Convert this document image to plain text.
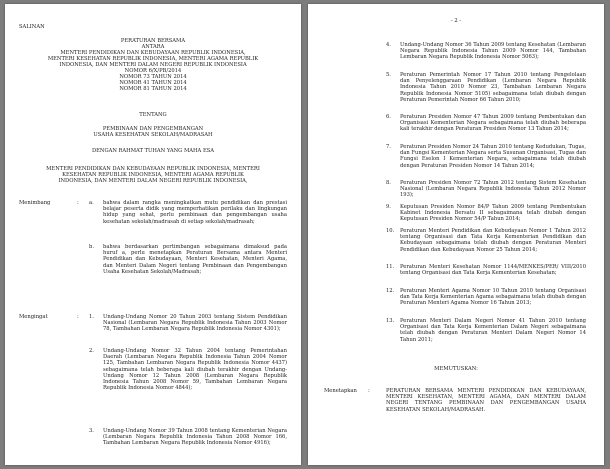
SALINAN
PERATURAN BERSAMA
ANTARA
MENTERI PENDIDIKAN DAN KEBUDAYAAN REPUBLIK INDONESIA,
MENTERI KESEHATAN REPUBLIK INDONESIA, MENTERI AGAMA REPUBLIK
INDONESIA, DAN MENTERI DALAM NEGERI REPUBLIK INDONESIA
NOMOR 6/X/PB/2014
NOMOR 73 TAHUN 2014
NOMOR 41 TAHUN 2014
NOMOR 81 TAHUN 2014
TENTANG
PEMBINAAN DAN PENGEMBANGAN
USAHA KESEHATAN SEKOLAH/MADRASAH
DENGAN RAHMAT TUHAN YANG MAHA ESA
MENTERI PENDIDIKAN DAN KEBUDAYAAN REPUBLIK INDONESIA, MENTERI
KESEHATAN REPUBLIK INDONESIA, MENTERI AGAMA REPUBLIK
INDONESIA, DAN MENTERI DALAM NEGERI REPUBLIK INDONESIA,
Menimbang	: a. bahwa dalam rangka meningkatkan mutu pendidikan dan prestasi belajar peserta didik yang memperhatikan perilaku dan lingkungan hidup yang sehat, perlu pembinaan dan pengembangan usaha kesehatan sekolah/madrasah di setiap sekolah/madrasah;
b. bahwa berdasarkan pertimbangan sebagaimana dimaksud pada huruf a, perlu menetapkan Peraturan Bersama antara Menteri Pendidikan dan Kebudayaan, Menteri Kesehatan, Menteri Agama, dan Menteri Dalam Negeri tentang Pembinaan dan Pengembangan Usaha Kesehatan Sekolah/Madrasah;
Mengingat	: 1. Undang-Undang Nomor 20 Tahun 2003 tentang Sistem Pendidikan Nasional (Lembaran Negara Republik Indonesia Tahun 2003 Nomor 78, Tambahan Lembaran Negara Republik Indonesia Nomor 4301);
2. Undang-Undang Nomor 32 Tahun 2004 tentang Pemerintahan Daerah (Lembaran Negara Republik Indonesia Tahun 2004 Nomor 125, Tambahan Lembaran Negara Republik Indonesia Nomor 4437) sebagaimana telah beberapa kali diubah terakhir dengan Undang-Undang Nomor 12 Tahun 2008 (Lembaran Negara Republik Indonesia Tahun 2008 Nomor 59, Tambahan Lembaran Negara Republik Indonesia Nomor 4844);
3. Undang-Undang Nomor 39 Tahun 2008 tentang Kementerian Negara (Lembaran Negara Republik Indonesia Tahun 2008 Nomor 166, Tambahan Lembaran Negara Republik Indonesia Nomor 4916);
- 2 -
4. Undang-Undang Nomor 36 Tahun 2009 tentang Kesehatan (Lembaran Negara Republik Indonesia Tahun 2009 Nomor 144, Tambahan Lembaran Negara Republik Indonesia Nomor 5063);
5. Peraturan Pemerintah Nomor 17 Tahun 2010 tentang Pengelolaan dan Penyelenggaraan Pendidikan (Lembaran Negara Republik Indonesia Tahun 2010 Nomor 23, Tambahan Lembaran Negara Republik Indonesia Nomor 5105) sebagaimana telah diubah dengan Peraturan Pemerintah Nomor 66 Tahun 2010;
6. Peraturan Presiden Nomor 47 Tahun 2009 tentang Pembentukan dan Organisasi Kementerian Negara sebagaimana telah diubah beberapa kali terakhir dengan Peraturan Presiden Nomor 13 Tahun 2014;
7. Peraturan Presiden Nomor 24 Tahun 2010 tentang Kedudukan, Tugas, dan Fungsi Kementerian Negara serta Susunan Organisasi, Tugas dan Fungsi Eselon I Kementerian Negara, sebagaimana telah diubah dengan Peraturan Presiden Nomor 14 Tahun 2014;
8. Peraturan Presiden Nomor 72 Tahun 2012 tentang Sistem Kesehatan Nasional (Lembaran Negara Republik Indonesia Tahun 2012 Nomor 193);
9. Keputusan Presiden Nomor 84/P Tahun 2009 tentang Pembentukan Kabinet Indonesia Bersatu II sebagaimana telah diubah dengan Keputusan Presiden Nomor 54/P Tahun 2014;
10. Peraturan Menteri Pendidikan dan Kebudayaan Nomor 1 Tahun 2012 tentang Organisasi dan Tata Kerja Kementerian Pendidikan dan Kebudayaan sebagaimana telah diubah dengan Peraturan Menteri Pendidikan dan Kebudayaan Nomor 25 Tahun 2014;
11. Peraturan Menteri Kesehatan Nomor 1144/MENKES/PER/ VIII/2010 tentang Organisasi dan Tata Kerja Kementerian Kesehatan;
12. Peraturan Menteri Agama Nomor 10 Tahun 2010 tentang Organisasi dan Tata Kerja Kementerian Agama sebagaimana telah diubah dengan Peraturan Menteri Agama Nomor 16 Tahun 2013;
13. Peraturan Menteri Dalam Negeri Nomor 41 Tahun 2010 tentang Organisasi dan Tata Kerja Kementerian Dalam Negeri sebagaimana telah diubah dengan Peraturan Menteri Dalam Negeri Nomor 14 Tahun 2011;
MEMUTUSKAN:
Menetapkan :	PERATURAN BERSAMA MENTERI PENDIDIKAN DAN KEBUDAYAAN, MENTERI KESEHATAN, MENTERI AGAMA, DAN MENTERI DALAM NEGERI TENTANG PEMBINAAN DAN PENGEMBANGAN USAHA KESEHATAN SEKOLAH/MADRASAH.
